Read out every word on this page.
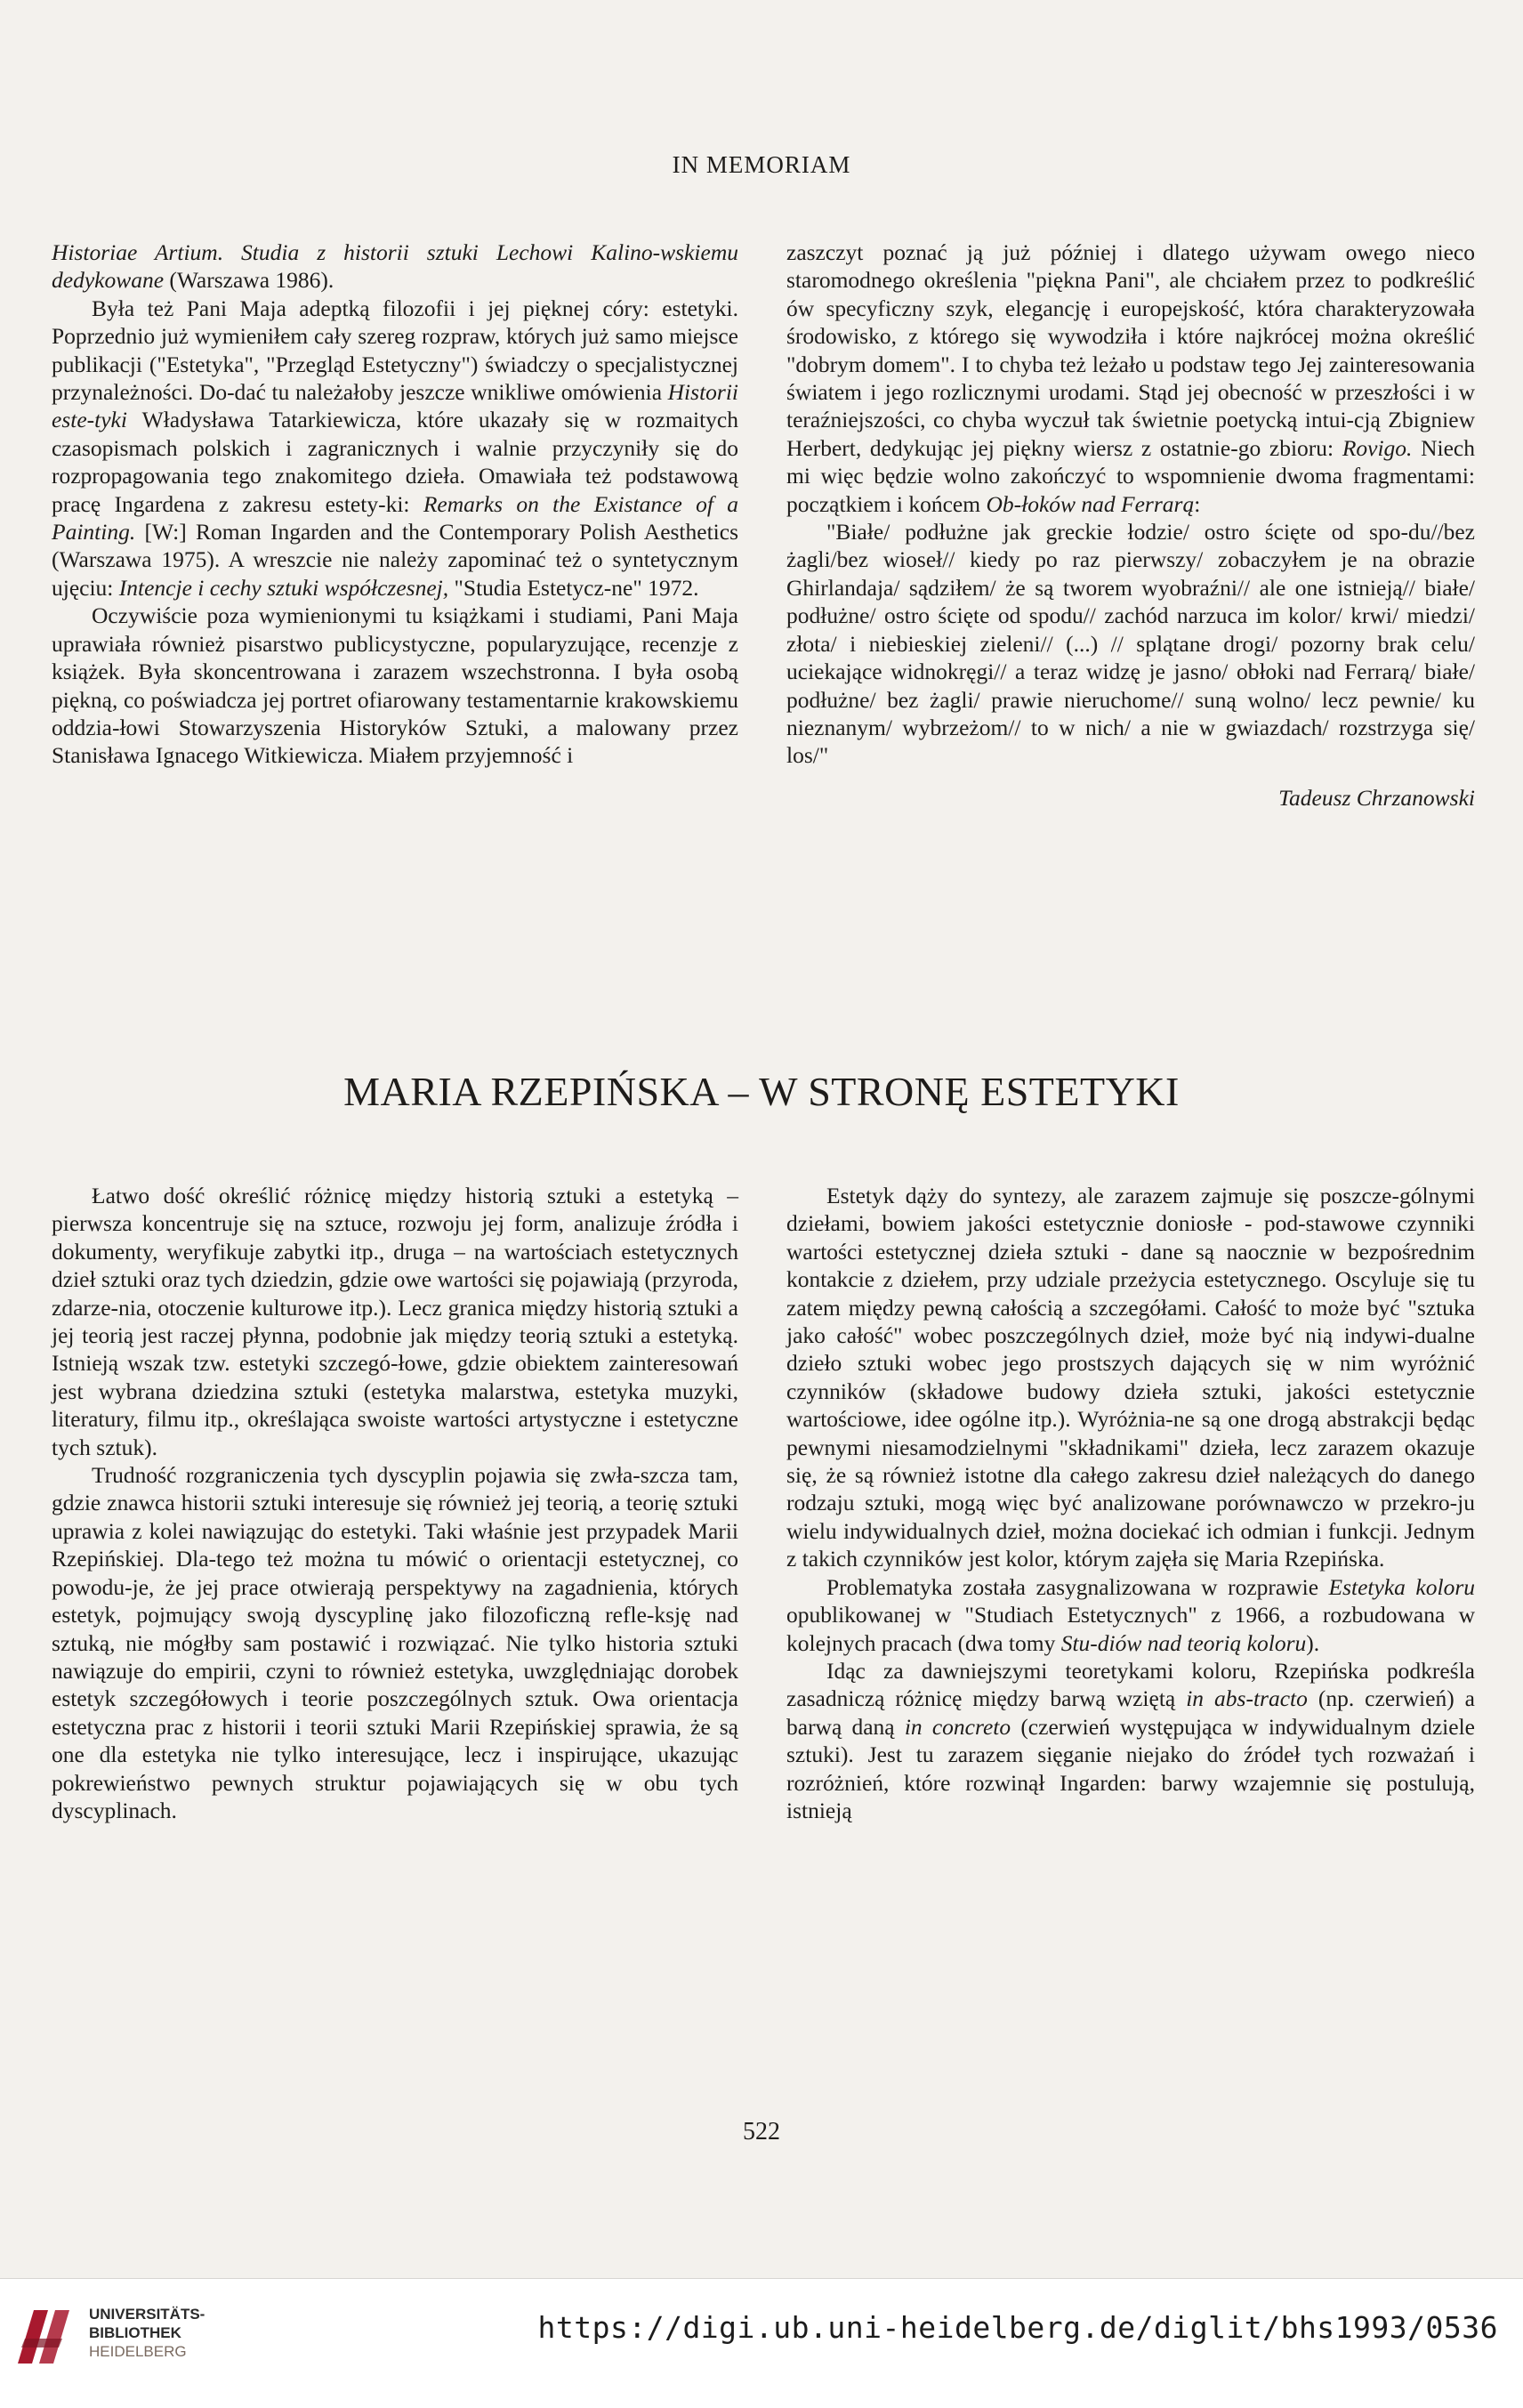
IN MEMORIAM

Historiae Artium. Studia z historii sztuki Lechowi Kalino-wskiemu dedykowane (Warszawa 1986).

Była też Pani Maja adeptką filozofii i jej pięknej córy: estetyki. Poprzednio już wymieniłem cały szereg rozpraw, których już samo miejsce publikacji ("Estetyka", "Przegląd Estetyczny") świadczy o specjalistycznej przynależności. Do-dać tu należałoby jeszcze wnikliwe omówienia Historii este-tyki Władysława Tatarkiewicza, które ukazały się w rozmaitych czasopismach polskich i zagranicznych i walnie przyczyniły się do rozpropagowania tego znakomitego dzieła. Omawiała też podstawową pracę Ingardena z zakresu estety-ki: Remarks on the Existance of a Painting. [W:] Roman Ingarden and the Contemporary Polish Aesthetics (Warszawa 1975). A wreszcie nie należy zapominać też o syntetycznym ujęciu: Intencje i cechy sztuki współczesnej, "Studia Estetycz-ne" 1972.

Oczywiście poza wymienionymi tu książkami i studiami, Pani Maja uprawiała również pisarstwo publicystyczne, popularyzujące, recenzje z książek. Była skoncentrowana i zarazem wszechstronna. I była osobą piękną, co poświadcza jej portret ofiarowany testamentarnie krakowskiemu oddzia-łowi Stowarzyszenia Historyków Sztuki, a malowany przez Stanisława Ignacego Witkiewicza. Miałem przyjemność i

zaszczyt poznać ją już później i dlatego używam owego nieco staromodnego określenia "piękna Pani", ale chciałem przez to podkreślić ów specyficzny szyk, elegancję i europejskość, która charakteryzowała środowisko, z którego się wywodziła i które najkrócej można określić "dobrym domem". I to chyba też leżało u podstaw tego Jej zainteresowania światem i jego rozlicznymi urodami. Stąd jej obecność w przeszłości i w teraźniejszości, co chyba wyczuł tak świetnie poetycką intui-cją Zbigniew Herbert, dedykując jej piękny wiersz z ostatnie-go zbioru: Rovigo. Niech mi więc będzie wolno zakończyć to wspomnienie dwoma fragmentami: początkiem i końcem Ob-łoków nad Ferrarą:

"Białe/ podłużne jak greckie łodzie/ ostro ścięte od spo-du//bez żagli/bez wioseł// kiedy po raz pierwszy/ zobaczyłem je na obrazie Ghirlandaja/ sądziłem/ że są tworem wyobraźni// ale one istnieją// białe/ podłużne/ ostro ścięte od spodu// zachód narzuca im kolor/ krwi/ miedzi/ złota/ i niebieskiej zieleni// (...) // splątane drogi/ pozorny brak celu/ uciekające widnokręgi// a teraz widzę je jasno/ obłoki nad Ferrarą/ białe/ podłużne/ bez żagli/ prawie nieruchome// suną wolno/ lecz pewnie/ ku nieznanym/ wybrzeżom// to w nich/ a nie w gwiazdach/ rozstrzyga się/ los/"

Tadeusz Chrzanowski

MARIA RZEPIŃSKA – W STRONĘ ESTETYKI

Łatwo dość określić różnicę między historią sztuki a estetyką – pierwsza koncentruje się na sztuce, rozwoju jej form, analizuje źródła i dokumenty, weryfikuje zabytki itp., druga – na wartościach estetycznych dzieł sztuki oraz tych dziedzin, gdzie owe wartości się pojawiają (przyroda, zdarze-nia, otoczenie kulturowe itp.). Lecz granica między historią sztuki a jej teorią jest raczej płynna, podobnie jak między teorią sztuki a estetyką. Istnieją wszak tzw. estetyki szczegó-łowe, gdzie obiektem zainteresowań jest wybrana dziedzina sztuki (estetyka malarstwa, estetyka muzyki, literatury, filmu itp., określająca swoiste wartości artystyczne i estetyczne tych sztuk).

Trudność rozgraniczenia tych dyscyplin pojawia się zwła-szcza tam, gdzie znawca historii sztuki interesuje się również jej teorią, a teorię sztuki uprawia z kolei nawiązując do estetyki. Taki właśnie jest przypadek Marii Rzepińskiej. Dla-tego też można tu mówić o orientacji estetycznej, co powodu-je, że jej prace otwierają perspektywy na zagadnienia, których estetyk, pojmujący swoją dyscyplinę jako filozoficzną refle-ksję nad sztuką, nie mógłby sam postawić i rozwiązać. Nie tylko historia sztuki nawiązuje do empirii, czyni to również estetyka, uwzględniając dorobek estetyk szczegółowych i teorie poszczególnych sztuk. Owa orientacja estetyczna prac z historii i teorii sztuki Marii Rzepińskiej sprawia, że są one dla estetyka nie tylko interesujące, lecz i inspirujące, ukazując pokrewieństwo pewnych struktur pojawiających się w obu tych dyscyplinach.

Estetyk dąży do syntezy, ale zarazem zajmuje się poszcze-gólnymi dziełami, bowiem jakości estetycznie doniosłe - pod-stawowe czynniki wartości estetycznej dzieła sztuki - dane są naocznie w bezpośrednim kontakcie z dziełem, przy udziale przeżycia estetycznego. Oscyluje się tu zatem między pewną całością a szczegółami. Całość to może być "sztuka jako całość" wobec poszczególnych dzieł, może być nią indywi-dualne dzieło sztuki wobec jego prostszych dających się w nim wyróżnić czynników (składowe budowy dzieła sztuki, jakości estetycznie wartościowe, idee ogólne itp.). Wyróżnia-ne są one drogą abstrakcji będąc pewnymi niesamodzielnymi "składnikami" dzieła, lecz zarazem okazuje się, że są również istotne dla całego zakresu dzieł należących do danego rodzaju sztuki, mogą więc być analizowane porównawczo w przekro-ju wielu indywidualnych dzieł, można dociekać ich odmian i funkcji. Jednym z takich czynników jest kolor, którym zajęła się Maria Rzepińska.

Problematyka została zasygnalizowana w rozprawie Estetyka koloru opublikowanej w "Studiach Estetycznych" z 1966, a rozbudowana w kolejnych pracach (dwa tomy Stu-diów nad teorią koloru).

Idąc za dawniejszymi teoretykami koloru, Rzepińska podkreśla zasadniczą różnicę między barwą wziętą in abs-tracto (np. czerwień) a barwą daną in concreto (czerwień występująca w indywidualnym dziele sztuki). Jest tu zarazem sięganie niejako do źródeł tych rozważań i rozróżnień, które rozwinął Ingarden: barwy wzajemnie się postulują, istnieją

522
UNIVERSITÄTS-
BIBLIOTHEK
HEIDELBERG
https://digi.ub.uni-heidelberg.de/diglit/bhs1993/0536
